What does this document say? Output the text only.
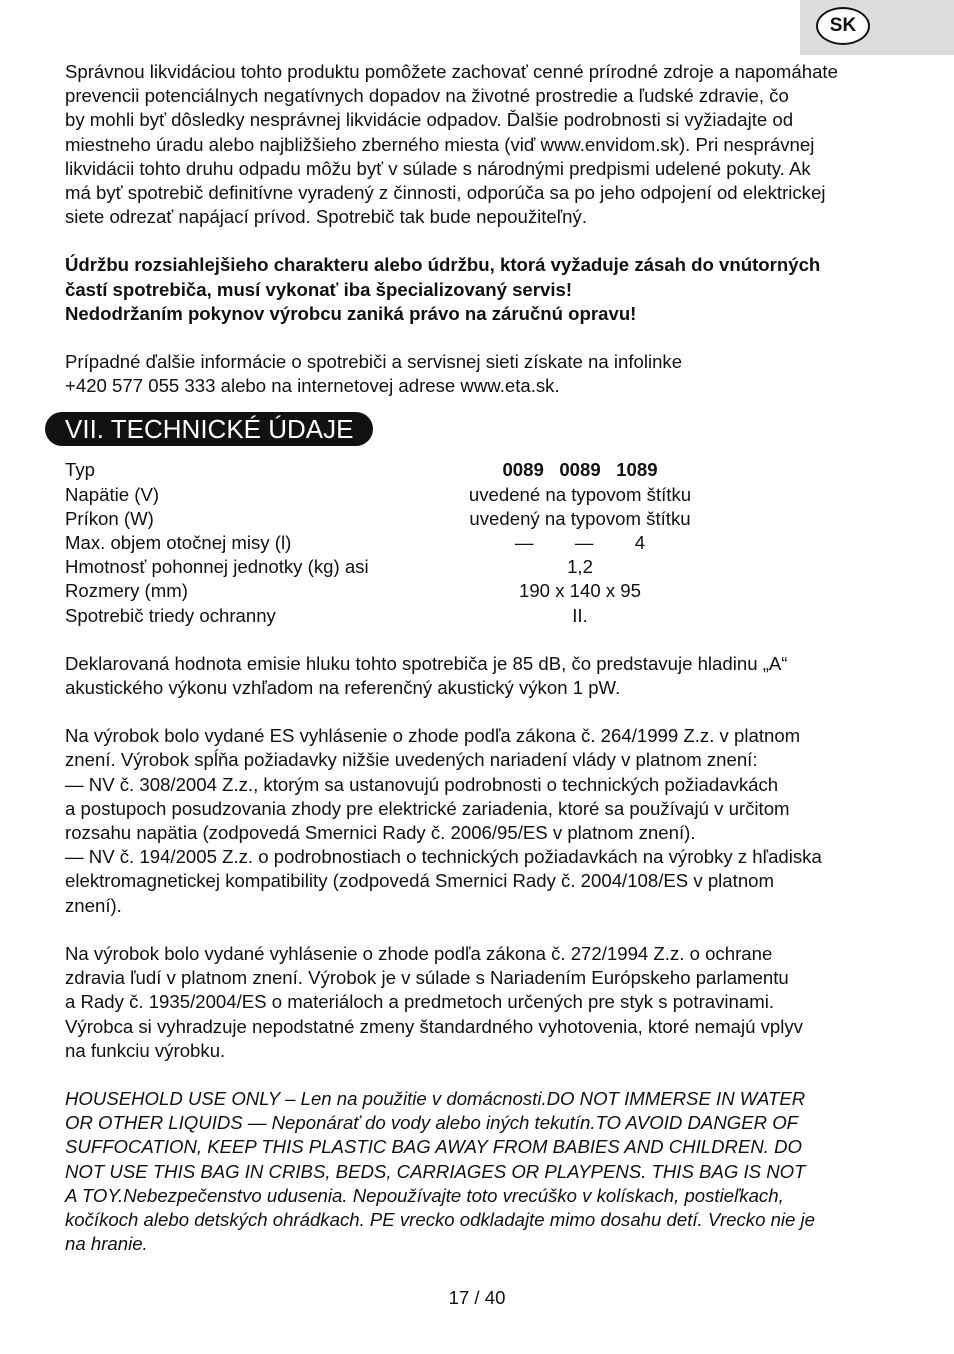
SK

Správnou likvidáciou tohto produktu pomôžete zachovať cenné prírodné zdroje a napomáhate

prevencii potenciálnych negatívnych dopadov na životné prostredie a ľudské zdravie, čo

by mohli byť dôsledky nesprávnej likvidácie odpadov. Ďalšie podrobnosti si vyžiadajte od

miestneho úradu alebo najbližšieho zberného miesta (viď www.envidom.sk). Pri nesprávnej

likvidácii tohto druhu odpadu môžu byť v súlade s národnými predpismi udelené pokuty. Ak

má byť spotrebič definitívne vyradený z činnosti, odporúča sa po jeho odpojení od elektrickej

siete odrezať napájací prívod. Spotrebič tak bude nepoužiteľný.

Údržbu rozsiahlejšieho charakteru alebo údržbu, ktorá vyžaduje zásah do vnútorných

častí spotrebiča, musí vykonať iba špecializovaný servis!

Nedodržaním pokynov výrobcu zaniká právo na záručnú opravu!

Prípadné ďalšie informácie o spotrebiči a servisnej sieti získate na infolinke

+420 577 055 333 alebo na internetovej adrese www.eta.sk.

VII. TECHNICKÉ ÚDAJE
Typ	0089   0089   1089
Napätie (V)	uvedené na typovom štítku
Príkon (W)	uvedený na typovom štítku
Max. objem otočnej misy (l)	—        —        4
Hmotnosť pohonnej jednotky (kg) asi	1,2
Rozmery (mm)	190 x 140 x 95
Spotrebič triedy ochranny	II.

Deklarovaná hodnota emisie hluku tohto spotrebiča je 85 dB, čo predstavuje hladinu „A“

akustického výkonu vzhľadom na referenčný akustický výkon 1 pW.

Na výrobok bolo vydané ES vyhlásenie o zhode podľa zákona č. 264/1999 Z.z. v platnom

znení. Výrobok spĺňa požiadavky nižšie uvedených nariadení vlády v platnom znení:

— NV č. 308/2004 Z.z., ktorým sa ustanovujú podrobnosti o technických požiadavkách

a postupoch posudzovania zhody pre elektrické zariadenia, ktoré sa používajú v určitom

rozsahu napätia (zodpovedá Smernici Rady č. 2006/95/ES v platnom znení).

— NV č. 194/2005 Z.z. o podrobnostiach o technických požiadavkách na výrobky z hľadiska

elektromagnetickej kompatibility (zodpovedá Smernici Rady č. 2004/108/ES v platnom

znení).

Na výrobok bolo vydané vyhlásenie o zhode podľa zákona č. 272/1994 Z.z. o ochrane

zdravia ľudí v platnom znení. Výrobok je v súlade s Nariadením Európskeho parlamentu

a Rady č. 1935/2004/ES o materiáloch a predmetoch určených pre styk s potravinami.

Výrobca si vyhradzuje nepodstatné zmeny štandardného vyhotovenia, ktoré nemajú vplyv

na funkciu výrobku.

HOUSEHOLD USE ONLY – Len na použitie v domácnosti.DO NOT IMMERSE IN WATER

OR OTHER LIQUIDS — Neponárať do vody alebo iných tekutín.TO AVOID DANGER OF

SUFFOCATION, KEEP THIS PLASTIC BAG AWAY FROM BABIES AND CHILDREN. DO

NOT USE THIS BAG IN CRIBS, BEDS, CARRIAGES OR PLAYPENS. THIS BAG IS NOT

A TOY.Nebezpečenstvo udusenia. Nepoužívajte toto vrecúško v kolískach, postieľkach,

kočíkoch alebo detských ohrádkach. PE vrecko odkladajte mimo dosahu detí. Vrecko nie je

na hranie.

17 / 40
